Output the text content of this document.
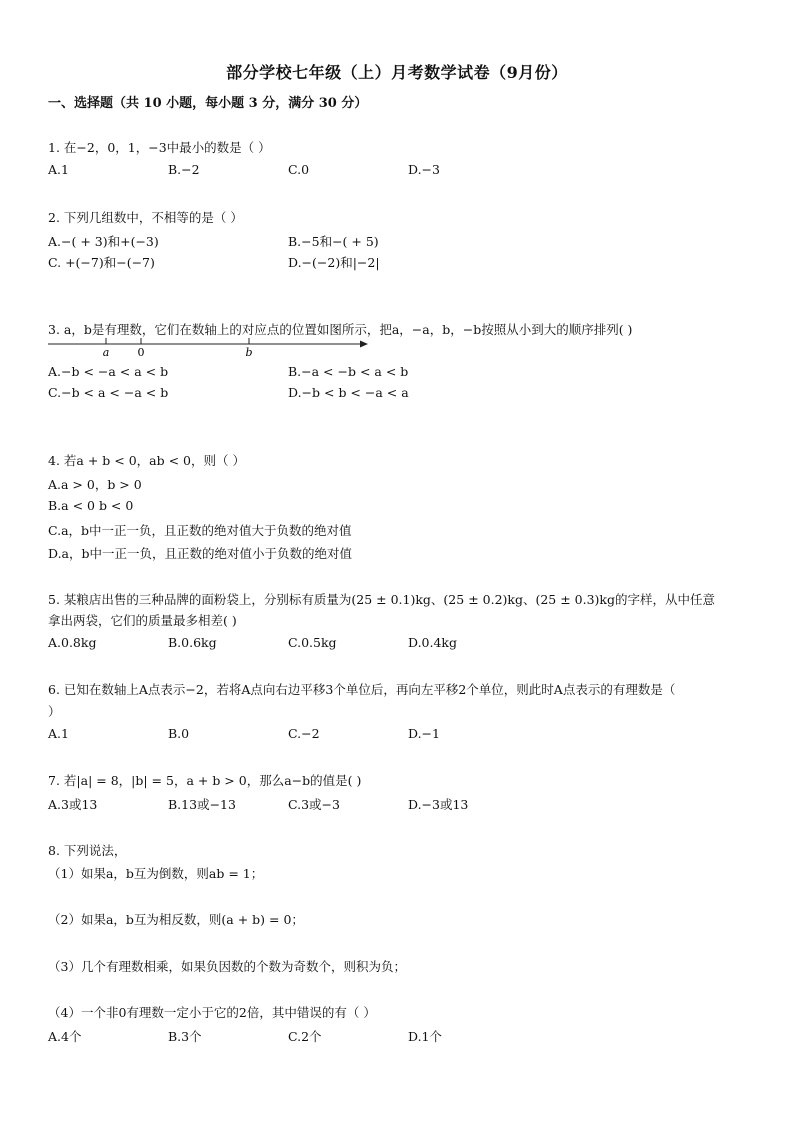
部分学校七年级（上）月考数学试卷（9月份）
一、选择题（共 10 小题，每小题 3 分，满分 30 分）
1. 在−2，0，1，−3中最小的数是（ ）
A.1	B.−2	C.0	D.−3
2. 下列几组数中，不相等的是（ ）
A.−( + 3)和+(−3)	B.−5和−( + 5)
C. +(−7)和−(−7)	D.−(−2)和|−2|
3. a，b是有理数，它们在数轴上的对应点的位置如图所示，把a，−a，b，−b按照从小到大的顺序排列( )
a	0	b
A.−b < −a < a < b	B.−a < −b < a < b
C.−b < a < −a < b	D.−b < b < −a < a
4. 若a + b < 0，ab < 0，则（ ）
A.a > 0，b > 0
B.a < 0 b < 0
C.a，b中一正一负，且正数的绝对值大于负数的绝对值
D.a，b中一正一负，且正数的绝对值小于负数的绝对值
5. 某粮店出售的三种品牌的面粉袋上，分别标有质量为(25 ± 0.1)kg、(25 ± 0.2)kg、(25 ± 0.3)kg的字样，从中任意
拿出两袋，它们的质量最多相差( )
A.0.8kg	B.0.6kg	C.0.5kg	D.0.4kg
6. 已知在数轴上A点表示−2，若将A点向右边平移3个单位后，再向左平移2个单位，则此时A点表示的有理数是（
）
A.1	B.0	C.−2	D.−1
7. 若|a| = 8，|b| = 5，a + b > 0，那么a−b的值是( )
A.3或13	B.13或−13	C.3或−3	D.−3或13
8. 下列说法，
（1）如果a，b互为倒数，则ab = 1；
（2）如果a，b互为相反数，则(a + b) = 0；
（3）几个有理数相乘，如果负因数的个数为奇数个，则积为负；
（4）一个非0有理数一定小于它的2倍，其中错误的有（ ）
A.4个	B.3个	C.2个	D.1个
